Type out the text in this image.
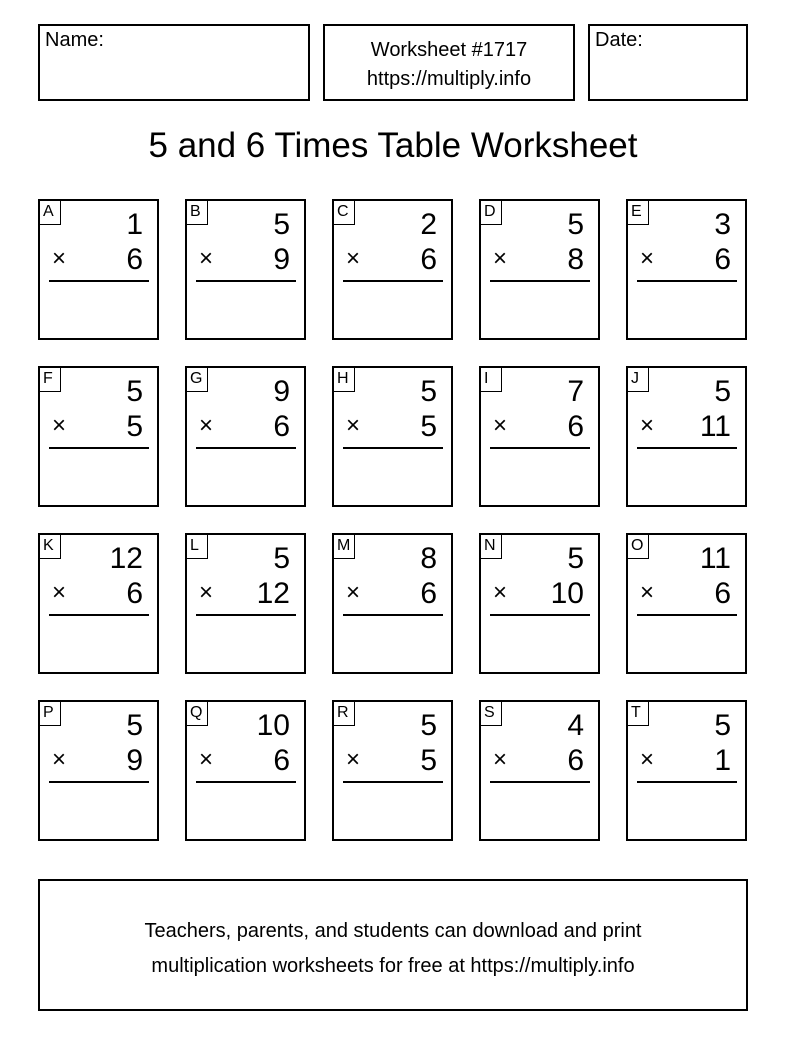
Name:	Worksheet #1717
https://multiply.info
Date:
5 and 6 Times Table Worksheet
A 1
× 6
B 5
× 9
C 2
× 6
D 5
× 8
E 3
× 6
F 5
× 5
G 9
× 6
H 5
× 5
I	7
× 6
J	5
× 11
K 12
× 6
L	5
× 12
M 8
× 6
N 5
× 10
O 11
× 6
P 5
× 9
Q 10
× 6
R 5
× 5
S 4
× 6
T 5
× 1
Teachers, parents, and students can download and print
multiplication worksheets for free at https://multiply.info
